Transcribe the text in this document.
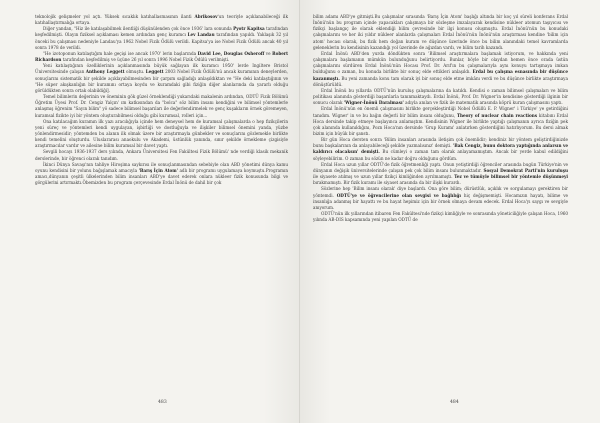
teknolojik gelişmeler yol açtı. Yüksek sıcaklık katıhallasmasının ilanti Abrikosov'un teoriyle açıklanabileceği ilk katıhallaştırmalığa ortaya.

Diğer yandan, "Hiz ile katılaşabilmek ilentliği düşünülenden çok önce 1936' lara sonunda Pyotr Kapitsa tarafından keşfedilmişti. Olayın fiziksel açıklaması kemen ardından genç kuramcı Lev Landau tarafından yapıldı. Yaklaşık 32 yıl önceki bu çalışması nedeniyle Landau'ya 1962 Nobel Fizik Ödülü verildi. Kapitsa'ya ise Nobel Fizik Ödülü ancak 40 yıl sonra 1978 de verildi.

"He izotoponun katılaştığım hale geçişi ise ancak 1970' lerin başlarında David Lee, Douglas Osheroff ve Robert Richardson tarafından keşfedilmiş ve üçüne 26 yıl sonra 1996 Nobel Fizik Ödülü verilmişti.

Yeni katılaştığının özelliklerinin açıklanmasında büyük sağlayan ilk kuramcı 1950' lerde Ingiltere Bristol Üniversitesinde çalışan Anthony Leggett olmuştu. Leggett 2003 Nobel Fizik Ödülü'nü ancak kuramının deneylerden, sonuçlarını sistematik bir şekilde açıklayabilmesinden bir çarpım sağladığı anlaşıldıktan ve "He deki katılaştığının ve "He süper akışkanlığın bir kuramını ortaya koydu ve kuramdaki gibi fiziğin diğer alanlarında da yararlı olduğu görüldükten sonra ortak olabildiği].

Temel bilimlerin değerinin ve öneminin gök güzel örneklendiği yukarıdaki makalenin ardından, ODTÜ Fizik Bölümü Öğretim Üyesi Prof. Dr. Cengiz Yalçın' ım katkısından da "bolca" söz bilim insanı kendiğini ve bilimsel yöntemlerle anlaşmış öğrenim "Sayın bilim" yö sadece bilimsel başarıları ile değerlendirmelek ve genç kuşakların örnek göremeyen, kuramsal fizikte iyi bir yöntem oluşturabilmesi olduğu gibi kurumsal, rolleri için...

Ona katılacağım kuramın ilk yazı aracılığıyla içinde hem deneysel hem de kuramsal çalışmalarda o hep fizikçilerin yeni süreç ve yöntemleri kendi uygulayan, işbirliği ve dostluğuyla ve ilişkiler bilimsel önemini yanda, yüzbe yönlendirmesidir; yöntemden bu alanın ilk olmak üzere bir araştırmayla günbekler ve sonuçlarını gözlemekle birlikte kendi temelini oluşturdu. Uluslararası anaokulu ve Akademi, üstünlük yanında, sınır şekilde örnekleme çizgisiyle araştırmacılar vardır ve ailesine bilim kuramsal bir davet yaptı.

Sevgili hocayı 1936-1937 ders yılında, Ankara Üniversitesi Fen Fakültesi Fizik Bölümü' nde verdiği klasik mekanik derslerinde, bir öğrenci olarak tanıdım.

İkinci Dünya Savaşı'nın tahliye Hiroşima saykırısı ile sonuçlanmasından sebebiyle olan ABD yönetimi dünya kamu oyunu kendisini bir yolunu bağışlamak amacıyla 'Barış İçin Atom' adlı bir programı uygulamaya koymuştu.Programın amacı,dünyanın çeşitli ülkelerinden bilim insanları ABD'ye davet ederek onlara nükleer fizik konusunda bilgi ve görgülerini artırmaktı.Öbemizden bu program çerçevesinde Erdal İnönü de dahil bir çok

483

bilim adamı ABD'ye gitmişti.Bu çalışmalar sırasında 'Barış İçin Atom' başlığı altında bir koç yıl süreli konferans Erdal İnönü'nün bu program içinde yapacakları çalışmaya bir sözleşme imzalayarak kendisine nükleer atomun taşıyıcısı ve fizikçi başlangıç ile olarak eklendiği bilim çevresinde bir ilgi konusu oluşmuştu. Erdal İnönü'nün bu konudaki çalışmalarını ve her iki yıldır nükleer alanlarda çalışmaları Erdal İnönü'nün İnönü'nün araştırması kendine 'bilim için atom' hocası olarak, bu fizik hem doğan kuram ve düşünce üzerinde önce bu bilim alanındaki temel kavramlarda geleneklerin bu kendisinin kazandığı yol üzerinde de ağızdan vardı, ve bilim tarih kazandı.

Erdal İnönü ABD'den yurda döndükten sonra 'Bilimsel araştırmalara başlamak istiyorum, ve hakkında yeni çalışmalara başlamanın mümkün bulunduğunu belirtiyordu. Bunlar, böyle bir olaydan hemen önce orada üstün çalışmalarını sürdüren Erdal İnönü'nün Hocası Prof. Dr. Arıf'ın bu çalışmalarıyla aynı konuyu tartışmaya imkan bulduğunu o zaman, bu konuda birlikte bir sonuç elde ettikleri anlaşıldı. Erdal bu çalışma esnasında bir düşünce kazanmıştı. Bu yeni zamanda konu tam olarak iyi bir sonuç elde etme imkânı verdi ve bu düşünce birlikte araştırmaya dönüştürüldü.

Erdal İnönü bu yıllarda ODTÜ'nün kuruluş çalışmalarına da katıldı. Kendisi o zaman bilimsel çalışmaları ve bilim politikası alanında gösterdiği başarılarla tanınmaktaydı. Erdal İnönü, Prof. Dr. Wigner'in kendisine gösterdiği ilginin bir sonucu olarak 'Wigner-İnönü Daralması' adıyla anılan ve fizik ile matematik arasında köprü kuran çalışmasını yaptı.

Erdal İnönü'nün en önemli çalışmasını birlikte gerçekleştirdiği Nobel Ödüllü E. P. Wigner' i Türkiye' ye getirdiğini tanıdım. Wigner' in ve bu bağın değerli bir bilim insanı olduğunu, Theory of nuclear chain reactions kitabını Erdal Hoca dersinde takip etmeye başlayınca anlamıştım. Kendisinin Wigner ile birlikte yaptığı çalışmanın ayrıca fiziğin pek çok alanında kullanıldığını, Pozn Hoca'nın dersinde 'Grup Kuramı' anlatırken gösterdiğini hatırlıyorum. Bu dersi almak bizim için büyük bir şanstı.

Bir gün Hoca dersten sonra 'Bilim insanları arasında iletişim çok önemlidir; kendiniz bir yöntem geliştirdiğinizde bunu başkalarının da anlayabileceği şekilde yazmalısınız' demişti. 'Bak Cengiz, bunu doktora yaptığında anlarsın ve kaldırıcı olacaksın' demişti. Bu cümleyi o zaman tam olarak anlayamamıştım. Ancak bir yerde kabul edildiğini söyleyebilirim. O zaman bu sözün ne kadar doğru olduğunu gördüm.

Erdal Hoca uzun yıllar ODTÜ'de fizik öğretmenliği yaptı. Onun yetiştirdiği öğrenciler arasında bugün Türkiye'nin ve dünyanın değişik üniversitelerinde çalışan pek çok bilim insanı bulunmaktadır. Sosyal Demokrat Parti'nin kuruluşu ile siyasete atılmış ve uzun yıllar fizikçi kimliğinden ayrılmamıştı. Tez ve tümüyle bilimsel bir yöntemle düşünmeyi bırakmamıştı. Bir fizik kuramı ile siyaset arasında da bir ilişki kurardı.

Sözlerine hep 'Bilim insanı olarak' diye başlardı. Ona göre bilim; dürüstlük, açıklık ve sorgulamayı gerektiren bir yöntemdi. ODTÜ'ye ve öğrencilerine olan sevgisi ve bağlılığı hiç değişmemişti. Hocamızın hayatı, bilime ve insanlığa adanmış bir hayattı ve bu hayat hepimiz için bir örnek olmaya devam edecek. Erdal Hoca'yı saygı ve sevgiyle anıyorum.

ODTÜ'nün ilk yıllarından itibaren Fen Fakültesi'nde fizikçi kimliğiyle ve sonrasında yöneticiliğiyle çalışan Hoca, 1960 yılında AB-DIS kapsamında yeni yapılan ODTÜ de

484
